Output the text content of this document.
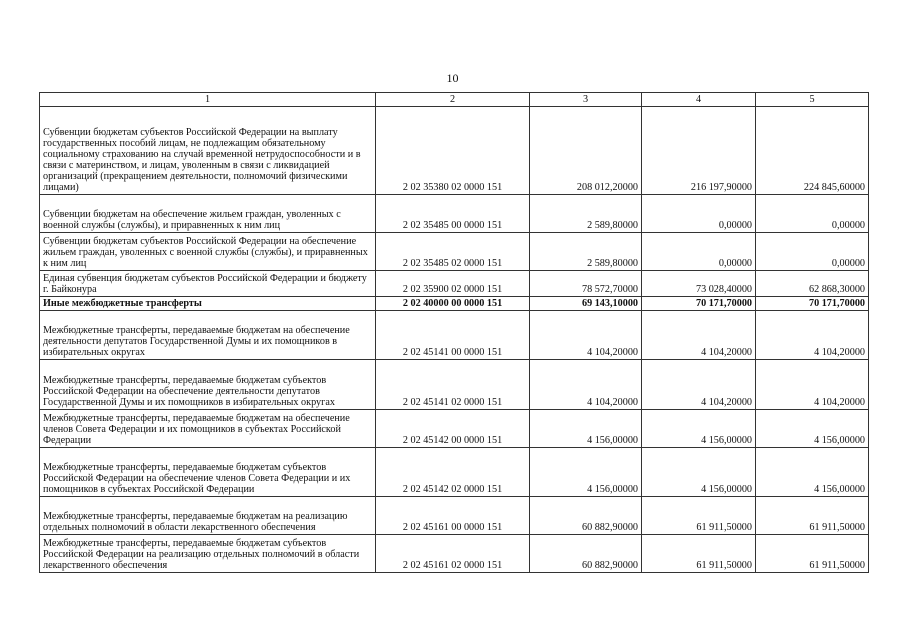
10
1	2	3	4	5
Субвенции бюджетам субъектов Российской Федерации на выплату государственных пособий лицам, не подлежащим обязательному социальному страхованию на случай временной нетрудоспособности и в связи с материнством, и лицам, уволенным в связи с ликвидацией организаций (прекращением деятельности, полномочий физическими лицами)	2 02 35380 02 0000 151	208 012,20000	216 197,90000	224 845,60000
Субвенции бюджетам на обеспечение жильем граждан, уволенных с военной службы (службы), и приравненных к ним лиц	2 02 35485 00 0000 151	2 589,80000	0,00000	0,00000
Субвенции бюджетам субъектов Российской Федерации на обеспечение жильем граждан, уволенных с военной службы (службы), и приравненных к ним лиц	2 02 35485 02 0000 151	2 589,80000	0,00000	0,00000
Единая субвенция бюджетам субъектов Российской Федерации и бюджету г. Байконура	2 02 35900 02 0000 151	78 572,70000	73 028,40000	62 868,30000
Иные межбюджетные трансферты	2 02 40000 00 0000 151	69 143,10000	70 171,70000	70 171,70000
Межбюджетные трансферты, передаваемые бюджетам на обеспечение деятельности депутатов Государственной Думы и их помощников в избирательных округах	2 02 45141 00 0000 151	4 104,20000	4 104,20000	4 104,20000
Межбюджетные трансферты, передаваемые бюджетам субъектов Российской Федерации на обеспечение деятельности депутатов Государственной Думы и их помощников в избирательных округах	2 02 45141 02 0000 151	4 104,20000	4 104,20000	4 104,20000
Межбюджетные трансферты, передаваемые бюджетам на обеспечение членов Совета Федерации и их помощников в субъектах Российской Федерации	2 02 45142 00 0000 151	4 156,00000	4 156,00000	4 156,00000
Межбюджетные трансферты, передаваемые бюджетам субъектов Российской Федерации на обеспечение членов Совета Федерации и их помощников в субъектах Российской Федерации	2 02 45142 02 0000 151	4 156,00000	4 156,00000	4 156,00000
Межбюджетные трансферты, передаваемые бюджетам на реализацию отдельных полномочий в области лекарственного обеспечения	2 02 45161 00 0000 151	60 882,90000	61 911,50000	61 911,50000
Межбюджетные трансферты, передаваемые бюджетам субъектов Российской Федерации на реализацию отдельных полномочий в области лекарственного обеспечения	2 02 45161 02 0000 151	60 882,90000	61 911,50000	61 911,50000
